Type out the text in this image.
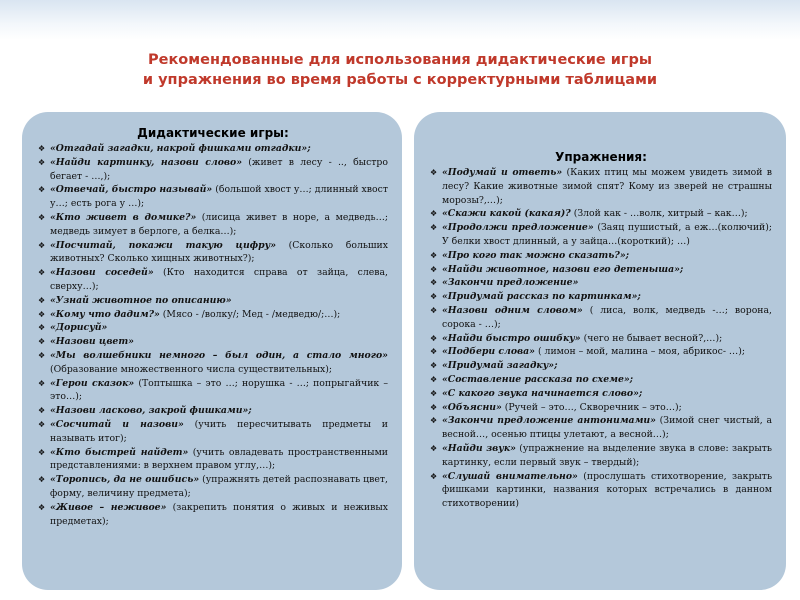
Рекомендованные для использования дидактические игры
и упражнения во время работы с корректурными таблицами
Дидактические игры:
❖ «Отгадай загадки, накрой фишками отгадки»;
❖ «Найди картинку, назови слово» (живет в лесу - .., быстро бегает - …,);
❖ «Отвечай, быстро называй» (большой хвост у…; длинный хвост у…; есть рога у …);
❖ «Кто живет в домике?» (лисица живет в норе, а медведь…; медведь зимует в берлоге, а белка…);
❖ «Посчитай, покажи такую цифру» (Сколько больших животных? Сколько хищных животных?);
❖ «Назови соседей» (Кто находится справа от зайца, слева, сверху…);
❖ «Узнай животное по описанию»
❖ «Кому что дадим?» (Мясо - /волку/; Мед - /медведю/;…);
❖ «Дорисуй»
❖ «Назови цвет»
❖ «Мы волшебники немного – был один, а стало много» (Образование множественного числа существительных);
❖ «Герои сказок» (Топтышка – это …; норушка - …; попрыгайчик – это…);
❖ «Назови ласково, закрой фишками»;
❖ «Сосчитай и назови» (учить пересчитывать предметы и называть итог);
❖ «Кто быстрей найдет» (учить овладевать пространственными представлениями: в верхнем правом углу,…);
❖ «Торопись, да не ошибись» (упражнять детей распознавать цвет, форму, величину предмета);
❖ «Живое – неживое» (закрепить понятия о живых и неживых предметах);
Упражнения:
❖ «Подумай и ответь» (Каких птиц мы можем увидеть зимой в лесу? Какие животные зимой спят? Кому из зверей не страшны морозы?,…);
❖ «Скажи какой (какая)? (Злой как - …волк, хитрый – как…);
❖ «Продолжи предложение» (Заяц пушистый, а еж…(колючий); У белки хвост длинный, а у зайца…(короткий); …)
❖ «Про кого так можно сказать?»;
❖ «Найди животное, назови его детеныша»;
❖ «Закончи предложение»
❖ «Придумай рассказ по картинкам»;
❖ «Назови одним словом» ( лиса, волк, медведь -…; ворона, сорока - …);
❖ «Найди быстро ошибку» (чего не бывает весной?,…);
❖ «Подбери слова» ( лимон – мой, малина – моя, абрикос- …);
❖ «Придумай загадку»;
❖ «Составление рассказа по схеме»;
❖ «С какого звука начинается слово»;
❖ «Объясни» (Ручей – это…, Скворечник – это…);
❖ «Закончи предложение антонимами» (Зимой снег чистый, а весной…, осенью птицы улетают, а весной…);
❖ «Найди звук» (упражнение на выделение звука в слове: закрыть картинку, если первый звук – твердый);
❖ «Слушай внимательно» (прослушать стихотворение, закрыть фишками картинки, названия которых встречались в данном стихотворении)
